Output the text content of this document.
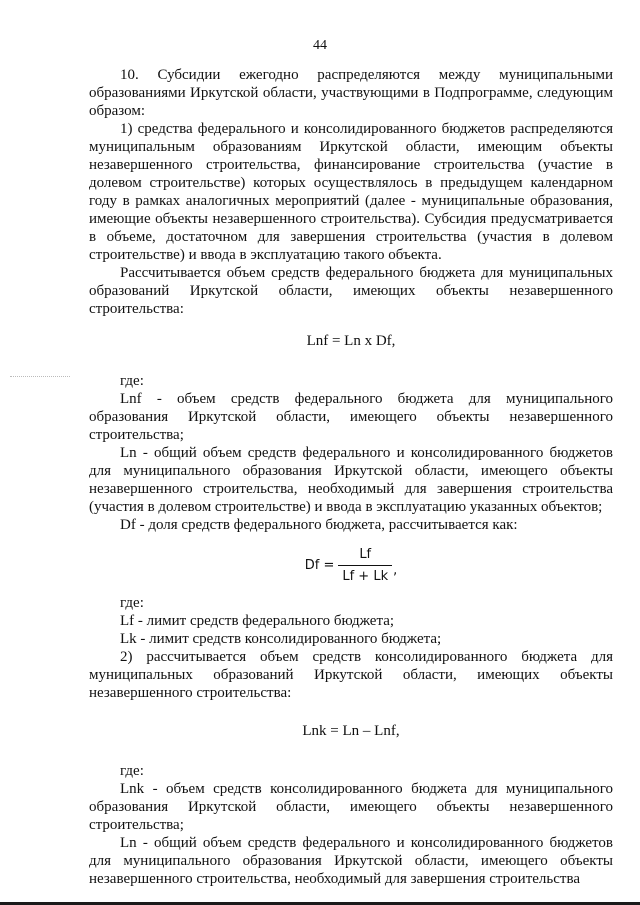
44

10. Субсидии ежегодно распределяются между муниципальными образованиями Иркутской области, участвующими в Подпрограмме, следующим образом:

1) средства федерального и консолидированного бюджетов распределяются муниципальным образованиям Иркутской области, имеющим объекты незавершенного строительства, финансирование строительства (участие в долевом строительстве) которых осуществлялось в предыдущем календарном году в рамках аналогичных мероприятий (далее - муниципальные образования, имеющие объекты незавершенного строительства). Субсидия предусматривается в объеме, достаточном для завершения строительства (участия в долевом строительстве) и ввода в эксплуатацию такого объекта.

Рассчитывается объем средств федерального бюджета для муниципальных образований Иркутской области, имеющих объекты незавершенного строительства:

Lnf = Ln x Df,

где:

Lnf - объем средств федерального бюджета для муниципального образования Иркутской области, имеющего объекты незавершенного строительства;

Ln - общий объем средств федерального и консолидированного бюджетов для муниципального образования Иркутской области, имеющего объекты незавершенного строительства, необходимый для завершения строительства (участия в долевом строительстве) и ввода в эксплуатацию указанных объектов;

Df - доля средств федерального бюджета, рассчитывается как:

$Df = \frac{Lf}{Lf + Lk}$ ,

где:

Lf - лимит средств федерального бюджета;

Lk - лимит средств консолидированного бюджета;

2) рассчитывается объем средств консолидированного бюджета для муниципальных образований Иркутской области, имеющих объекты незавершенного строительства:

Lnk = Ln – Lnf,

где:

Lnk - объем средств консолидированного бюджета для муниципального образования Иркутской области, имеющего объекты незавершенного строительства;

Ln - общий объем средств федерального и консолидированного бюджетов для муниципального образования Иркутской области, имеющего объекты незавершенного строительства, необходимый для завершения строительства
